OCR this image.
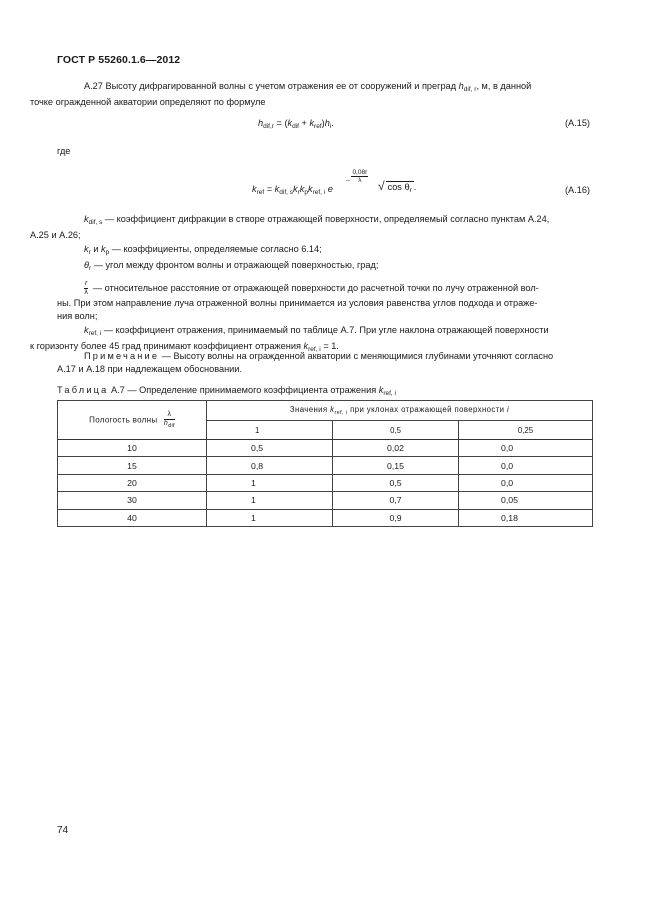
ГОСТ Р 55260.1.6—2012
A.27 Высоту дифрагированной волны с учетом отражения ее от сооружений и преград $h_{dif, r}$, м, в данной
точке огражденной акватории определяют по формуле
$h_{dif,r} = (k_{dif} + k_{ref})h_i$.	(A.15)
где
$k_{ref} = k_{dif, s}k_rk_pk_{ref, i}$ e
– $\frac{0,08r}{\lambda}$
√ $\cos \theta_r$ .	(A.16)
$k_{dif, s}$ — коэффициент дифракции в створе отражающей поверхности, определяемый согласно пунктам A.24,
A.25 и A.26;
$k_r$ и $k_p$ — коэффициенты, определяемые согласно 6.14;
$\theta_r$ — угол между фронтом волны и отражающей поверхностью, град;
$\frac{r}{\lambda}$ — относительное расстояние от отражающей поверхности до расчетной точки по лучу отраженной вол-
ны. При этом направление луча отраженной волны принимается из условия равенства углов подхода и отраже-
ния волн;
$k_{ref, i}$ — коэффициент отражения, принимаемый по таблице A.7. При угле наклона отражающей поверхности
к горизонту более 45 град принимают коэффициент отражения $k_{ref, i} = 1$.
Примечание — Высоту волны на огражденной акватории с меняющимися глубинами уточняют согласно
A.17 и A.18 при надлежащем обосновании.
Таблица A.7 — Определение принимаемого коэффициента отражения $k_{ref, i}$
Пологость волны $\frac{\lambda}{h_{dif}}$	Значения $k_{ref, i}$ при уклонах отражающей поверхности i		
	1	0,5	0,25
10	0,5	0,02	0,0
15	0,8	0,15	0,0
20	1	0,5	0,0
30	1	0,7	0,05
40	1	0,9	0,18
74
